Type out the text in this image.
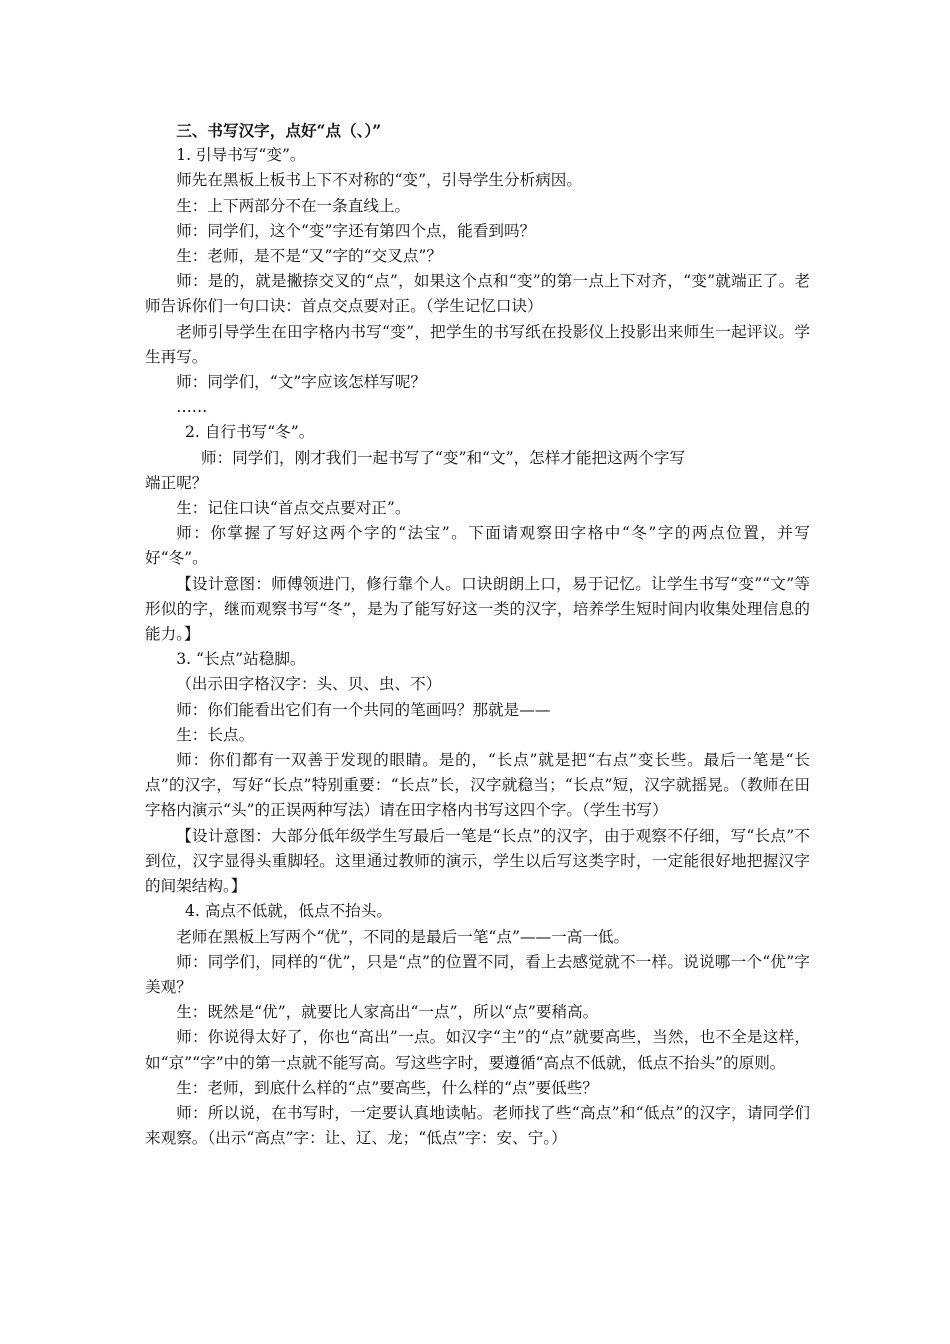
三、书写汉字，点好“点（、）”

1. 引导书写“变”。

师先在黑板上板书上下不对称的“变”，引导学生分析病因。

生：上下两部分不在一条直线上。

师：同学们，这个“变”字还有第四个点，能看到吗？

生：老师，是不是“又”字的“交叉点”？

师：是的，就是撇捺交叉的“点”，如果这个点和“变”的第一点上下对齐，“变”就端正了。老师告诉你们一句口诀：首点交点要对正。（学生记忆口诀）

老师引导学生在田字格内书写“变”，把学生的书写纸在投影仪上投影出来师生一起评议。学生再写。

师：同学们，“文”字应该怎样写呢？

……

2. 自行书写“冬”。

师：同学们，刚才我们一起书写了“变”和“文”，怎样才能把这两个字写

端正呢？

生：记住口诀“首点交点要对正”。

师：你掌握了写好这两个字的“法宝”。下面请观察田字格中“冬”字的两点位置，并写好“冬”。

【设计意图：师傅领进门，修行靠个人。口诀朗朗上口，易于记忆。让学生书写“变”“文”等形似的字，继而观察书写“冬”，是为了能写好这一类的汉字，培养学生短时间内收集处理信息的能力。】

3. “长点”站稳脚。

（出示田字格汉字：头、贝、虫、不）

师：你们能看出它们有一个共同的笔画吗？那就是——

生：长点。

师：你们都有一双善于发现的眼睛。是的，“长点”就是把“右点”变长些。最后一笔是“长点”的汉字，写好“长点”特别重要：“长点”长，汉字就稳当；“长点”短，汉字就摇晃。（教师在田字格内演示“头”的正误两种写法）请在田字格内书写这四个字。（学生书写）

【设计意图：大部分低年级学生写最后一笔是“长点”的汉字，由于观察不仔细，写“长点”不到位，汉字显得头重脚轻。这里通过教师的演示，学生以后写这类字时，一定能很好地把握汉字的间架结构。】

4. 高点不低就，低点不抬头。

老师在黑板上写两个“优”，不同的是最后一笔“点”——一高一低。

师：同学们，同样的“优”，只是“点”的位置不同，看上去感觉就不一样。说说哪一个“优”字美观？

生：既然是“优”，就要比人家高出“一点”，所以“点”要稍高。

师：你说得太好了，你也“高出”一点。如汉字“主”的“点”就要高些，当然，也不全是这样，如“京”“字”中的第一点就不能写高。写这些字时，要遵循“高点不低就，低点不抬头”的原则。

生：老师，到底什么样的“点”要高些，什么样的“点”要低些？

师：所以说，在书写时，一定要认真地读帖。老师找了些“高点”和“低点”的汉字，请同学们来观察。（出示“高点”字：让、辽、龙；“低点”字：安、宁。）
